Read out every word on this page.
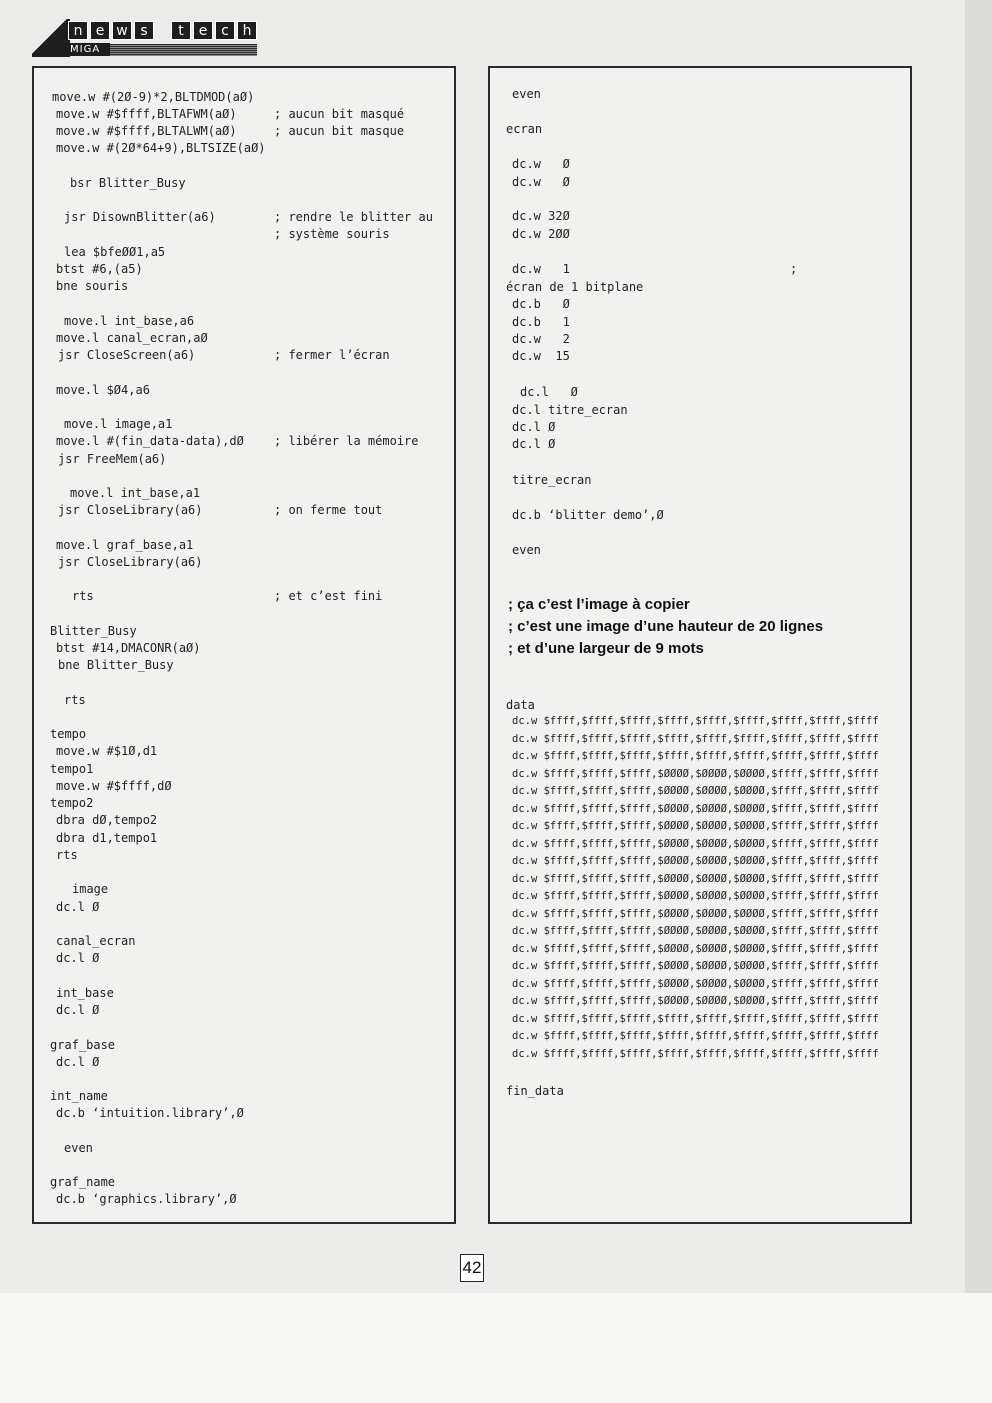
n e w s	t	e c h
MIGA
move.w #(2Ø-9)*2,BLTDMOD(aØ)
move.w #$ffff,BLTAFWM(aØ)	; aucun bit masqué
move.w #$ffff,BLTALWM(aØ)	; aucun bit masque
move.w #(2Ø*64+9),BLTSIZE(aØ)
bsr Blitter_Busy
jsr DisownBlitter(a6)	; rendre le blitter au
; système souris
lea $bfeØØ1,a5
btst #6,(a5)
bne souris
move.l int_base,a6
move.l canal_ecran,aØ
jsr CloseScreen(a6)	; fermer l’écran
move.l $Ø4,a6
move.l image,a1
move.l #(fin_data-data),dØ	; libérer la mémoire
jsr FreeMem(a6)
move.l int_base,a1
jsr CloseLibrary(a6)	; on ferme tout
move.l graf_base,a1
jsr CloseLibrary(a6)
rts	; et c’est fini
Blitter_Busy
btst #14,DMACONR(aØ)
bne Blitter_Busy
rts
tempo
move.w #$1Ø,d1
tempo1
move.w #$ffff,dØ
tempo2
dbra dØ,tempo2
dbra d1,tempo1
rts
image
dc.l Ø
canal_ecran
dc.l Ø
int_base
dc.l Ø
graf_base
dc.l Ø
int_name
dc.b ‘intuition.library’,Ø
even
graf_name
dc.b ‘graphics.library’,Ø
even
ecran
dc.w   Ø
dc.w   Ø
dc.w 32Ø
dc.w 2ØØ
dc.w   1	;
écran de 1 bitplane
dc.b   Ø
dc.b   1
dc.w   2
dc.w  15
dc.l   Ø
dc.l titre_ecran
dc.l Ø
dc.l Ø
titre_ecran
dc.b ‘blitter demo’,Ø
even
; ça c’est l’image à copier
; c’est une image d’une hauteur de 20 lignes
; et d’une largeur de 9 mots
data
dc.w $ffff,$ffff,$ffff,$ffff,$ffff,$ffff,$ffff,$ffff,$ffff
dc.w $ffff,$ffff,$ffff,$ffff,$ffff,$ffff,$ffff,$ffff,$ffff
dc.w $ffff,$ffff,$ffff,$ffff,$ffff,$ffff,$ffff,$ffff,$ffff
dc.w $ffff,$ffff,$ffff,$ØØØØ,$ØØØØ,$ØØØØ,$ffff,$ffff,$ffff
dc.w $ffff,$ffff,$ffff,$ØØØØ,$ØØØØ,$ØØØØ,$ffff,$ffff,$ffff
dc.w $ffff,$ffff,$ffff,$ØØØØ,$ØØØØ,$ØØØØ,$ffff,$ffff,$ffff
dc.w $ffff,$ffff,$ffff,$ØØØØ,$ØØØØ,$ØØØØ,$ffff,$ffff,$ffff
dc.w $ffff,$ffff,$ffff,$ØØØØ,$ØØØØ,$ØØØØ,$ffff,$ffff,$ffff
dc.w $ffff,$ffff,$ffff,$ØØØØ,$ØØØØ,$ØØØØ,$ffff,$ffff,$ffff
dc.w $ffff,$ffff,$ffff,$ØØØØ,$ØØØØ,$ØØØØ,$ffff,$ffff,$ffff
dc.w $ffff,$ffff,$ffff,$ØØØØ,$ØØØØ,$ØØØØ,$ffff,$ffff,$ffff
dc.w $ffff,$ffff,$ffff,$ØØØØ,$ØØØØ,$ØØØØ,$ffff,$ffff,$ffff
dc.w $ffff,$ffff,$ffff,$ØØØØ,$ØØØØ,$ØØØØ,$ffff,$ffff,$ffff
dc.w $ffff,$ffff,$ffff,$ØØØØ,$ØØØØ,$ØØØØ,$ffff,$ffff,$ffff
dc.w $ffff,$ffff,$ffff,$ØØØØ,$ØØØØ,$ØØØØ,$ffff,$ffff,$ffff
dc.w $ffff,$ffff,$ffff,$ØØØØ,$ØØØØ,$ØØØØ,$ffff,$ffff,$ffff
dc.w $ffff,$ffff,$ffff,$ØØØØ,$ØØØØ,$ØØØØ,$ffff,$ffff,$ffff
dc.w $ffff,$ffff,$ffff,$ffff,$ffff,$ffff,$ffff,$ffff,$ffff
dc.w $ffff,$ffff,$ffff,$ffff,$ffff,$ffff,$ffff,$ffff,$ffff
dc.w $ffff,$ffff,$ffff,$ffff,$ffff,$ffff,$ffff,$ffff,$ffff
fin_data
42
